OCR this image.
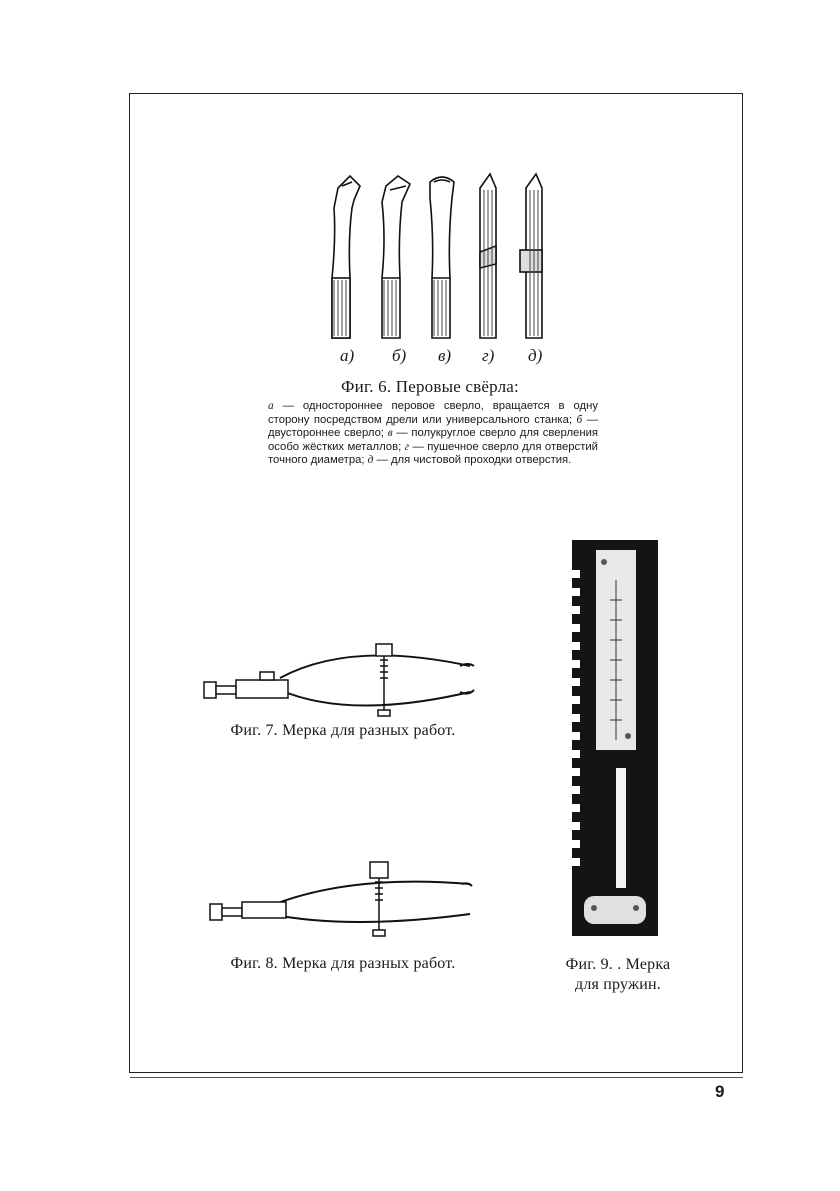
а) б) в) г) д)
Фиг. 6. Перовые свёрла:
а — одностороннее перовое сверло, вращается в одну сторону посредством дрели или универсального станка; б — двустороннее сверло; в — полукруглое сверло для сверления особо жёстких металлов; г — пушечное сверло для отверстий точного диаметра; д — для чистовой проходки отверстия.
Фиг. 7. Мерка для разных работ.
Фиг. 8. Мерка для разных работ.	Фиг. 9. . Мерка
для пружин.
9
